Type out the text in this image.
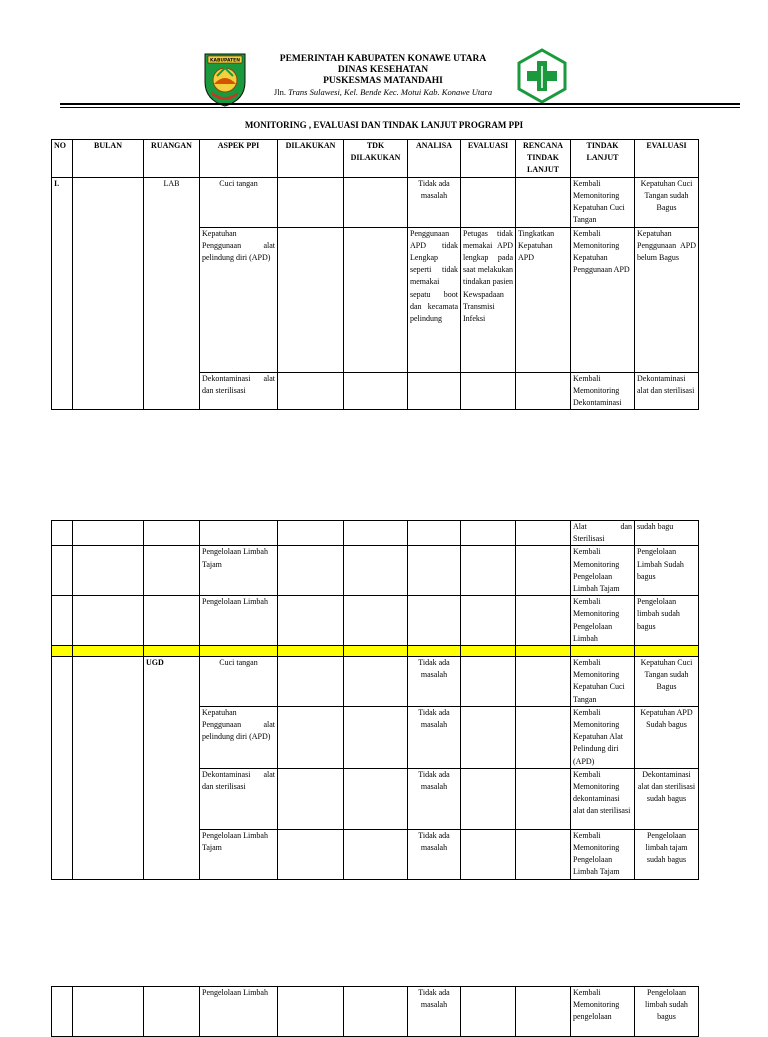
KABUPATEN	PEMERINTAH KABUPATEN KONAWE UTARA
DINAS KESEHATAN
PUSKESMAS MATANDAHI
Jln. Trans Sulawesi, Kel. Bende Kec. Motui Kab. Konawe Utara
MONITORING , EVALUASI DAN TINDAK LANJUT PROGRAM PPI
NO	BULAN	RUANGAN	ASPEK PPI	DILAKUKAN	TDK DILAKUKAN	ANALISA	EVALUASI	RENCANA TINDAK LANJUT	TINDAK LANJUT	EVALUASI
I.		LAB	Cuci tangan			Tidak ada masalah			Kembali Memonitoring Kepatuhan Cuci Tangan	Kepatuhan Cuci Tangan sudah Bagus
			Kepatuhan Penggunaan alat pelindung diri (APD)			Penggunaan APD tidak Lengkap seperti tidak memakai sepatu boot dan kecamata pelindung	Petugas tidak memakai APD lengkap pada saat melakukan tindakan pasien Kewspadaan Transmisi Infeksi	Tingkatkan Kepatuhan APD	Kembali Memonitoring Kepatuhan Penggunaan APD	Kepatuhan Penggunaan APD belum Bagus
			Dekontaminasi alat dan sterilisasi						Kembali Memonitoring Dekontaminasi	Dekontaminasi alat dan sterilisasi
									Alat dan Sterilisasi	sudah bagu
			Pengelolaan Limbah Tajam						Kembali Memonitoring Pengelolaan Limbah Tajam	Pengelolaan Limbah Sudah bagus
			Pengelolaan Limbah						Kembali Memonitoring Pengelolaan Limbah	Pengelolaan limbah sudah bagus

		UGD	Cuci tangan			Tidak ada masalah			Kembali Memonitoring Kepatuhan Cuci Tangan	Kepatuhan Cuci Tangan sudah Bagus
			Kepatuhan Penggunaan alat pelindung diri (APD)			Tidak ada masalah			Kembali Memonitoring Kepatuhan Alat Pelindung diri (APD)	Kepatuhan APD Sudah bagus
			Dekontaminasi alat dan sterilisasi			Tidak ada masalah			Kembali Memonitoring dekontaminasi alat dan sterilisasi	Dekontaminasi alat dan sterilisasi sudah bagus
			Pengelolaan Limbah Tajam			Tidak ada masalah			Kembali Memonitoring Pengelolaan Limbah Tajam	Pengelolaan limbah tajam sudah bagus
			Pengelolaan Limbah			Tidak ada masalah			Kembali Memonitoring pengelolaan	Pengelolaan limbah sudah bagus
